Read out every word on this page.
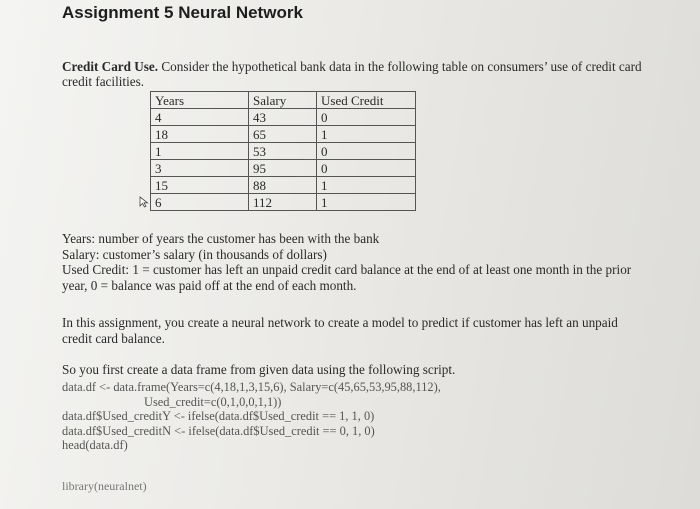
Assignment 5 Neural Network
Credit Card Use. Consider the hypothetical bank data in the following table on consumers’ use of credit card credit facilities.
Years	Salary	Used Credit
4	43	0
18	65	1
1	53	0
3	95	0
15	88	1
6	112	1

Years: number of years the customer has been with the bank

Salary: customer’s salary (in thousands of dollars)

Used Credit: 1 = customer has left an unpaid credit card balance at the end of at least one month in the prior year, 0 = balance was paid off at the end of each month.

In this assignment, you create a neural network to create a model to predict if customer has left an unpaid credit card balance.
So you first create a data frame from given data using the following script.
data.df <- data.frame(Years=c(4,18,1,3,15,6), Salary=c(45,65,53,95,88,112),
Used_credit=c(0,1,0,0,1,1))
data.df$Used_creditY <- ifelse(data.df$Used_credit == 1, 1, 0)
data.df$Used_creditN <- ifelse(data.df$Used_credit == 0, 1, 0)
head(data.df)
library(neuralnet)
